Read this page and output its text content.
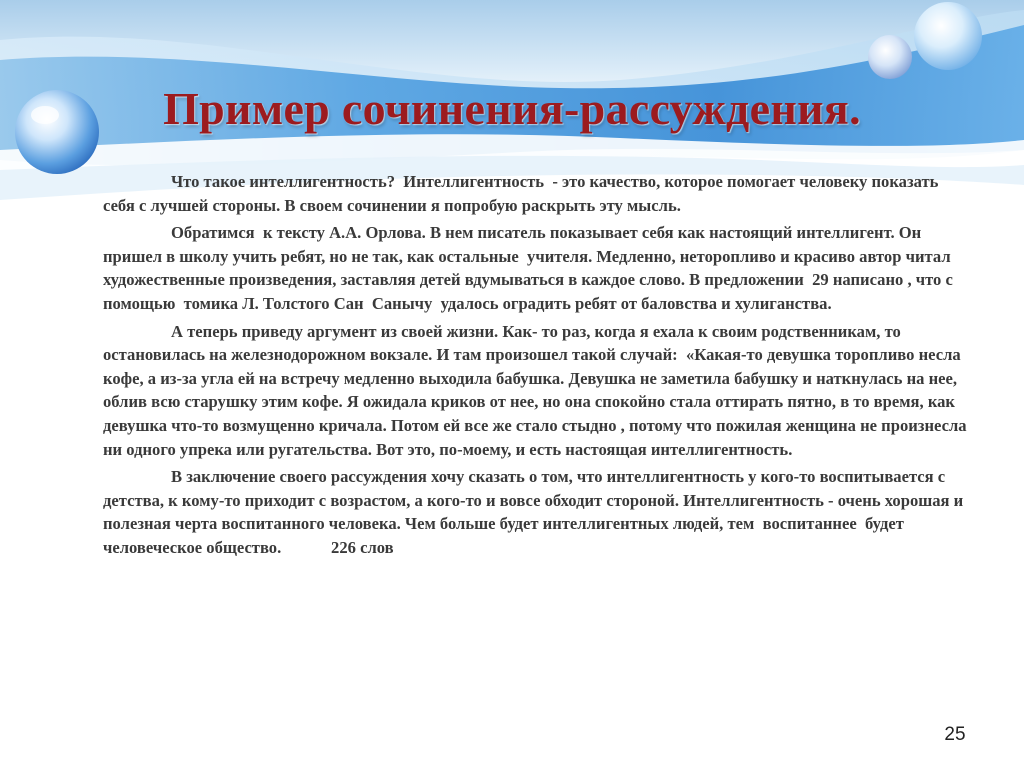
Пример сочинения-рассуждения.

Что такое интеллигентность?  Интеллигентность  - это качество, которое помогает человеку показать себя с лучшей стороны. В своем сочинении я попробую раскрыть эту мысль.

Обратимся  к тексту А.А. Орлова. В нем писатель показывает себя как настоящий интеллигент. Он пришел в школу учить ребят, но не так, как остальные  учителя. Медленно, неторопливо и красиво автор читал художественные произведения, заставляя детей вдумываться в каждое слово. В предложении  29 написано , что с помощью  томика Л. Толстого Сан  Санычу  удалось оградить ребят от баловства и хулиганства.

А теперь приведу аргумент из своей жизни. Как- то раз, когда я ехала к своим родственникам, то остановилась на железнодорожном вокзале. И там произошел такой случай:  «Какая-то девушка торопливо несла кофе, а из-за угла ей на встречу медленно выходила бабушка. Девушка не заметила бабушку и наткнулась на нее, облив всю старушку этим кофе. Я ожидала криков от нее, но она спокойно стала оттирать пятно, в то время, как девушка что-то возмущенно кричала. Потом ей все же стало стыдно , потому что пожилая женщина не произнесла ни одного упрека или ругательства. Вот это, по-моему, и есть настоящая интеллигентность.

В заключение своего рассуждения хочу сказать о том, что интеллигентность у кого-то воспитывается с детства, к кому-то приходит с возрастом, а кого-то и вовсе обходит стороной. Интеллигентность - очень хорошая и полезная черта воспитанного человека. Чем больше будет интеллигентных людей, тем  воспитаннее  будет человеческое общество.            226 слов

25
